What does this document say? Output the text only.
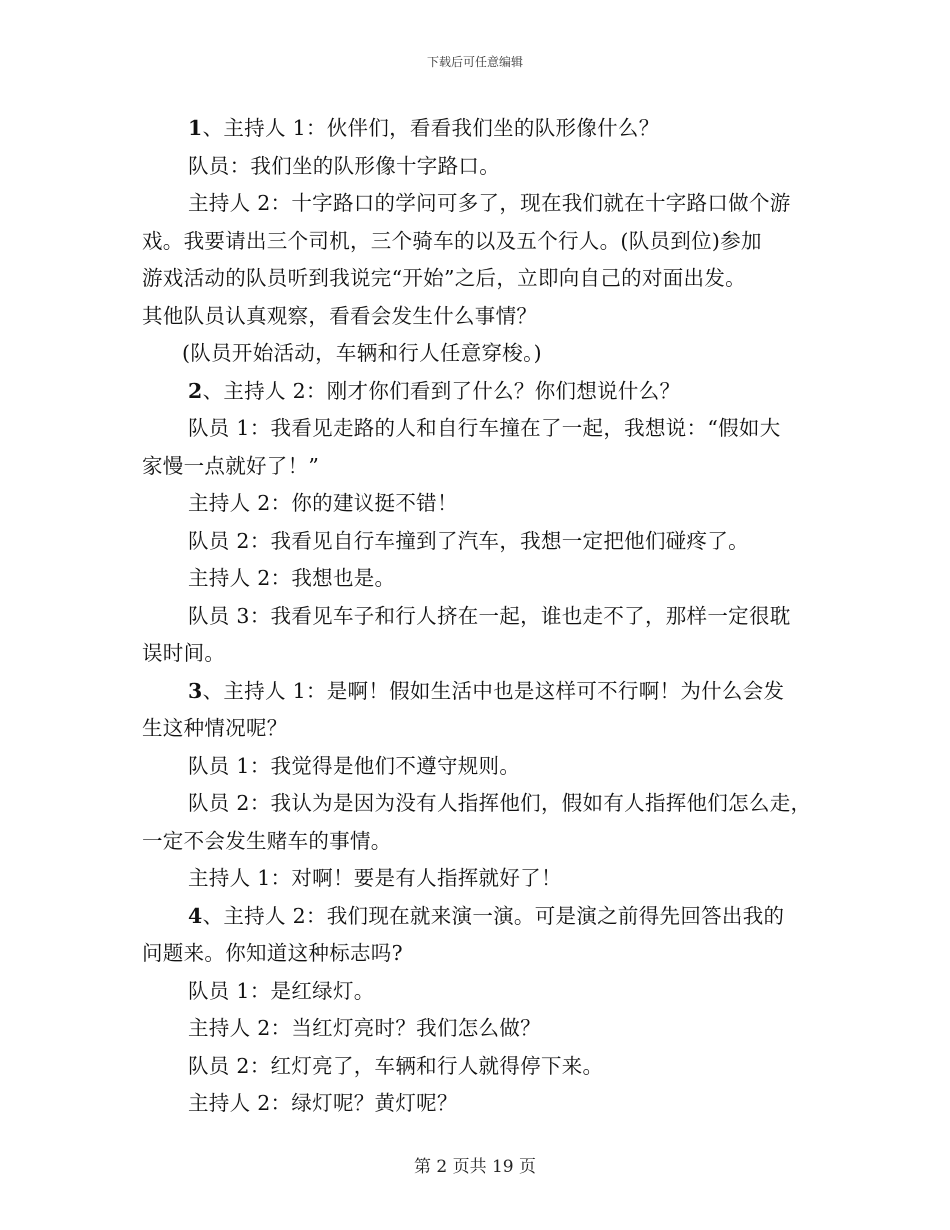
下载后可任意编辑
1、主持人 1：伙伴们，看看我们坐的队形像什么？
队员：我们坐的队形像十字路口。
主持人 2：十字路口的学问可多了，现在我们就在十字路口做个游
戏。我要请出三个司机，三个骑车的以及五个行人。(队员到位)参加
游戏活动的队员听到我说完“开始”之后，立即向自己的对面出发。
其他队员认真观察，看看会发生什么事情？
(队员开始活动，车辆和行人任意穿梭。)
2、主持人 2：刚才你们看到了什么？你们想说什么？
队员 1：我看见走路的人和自行车撞在了一起，我想说：“假如大
家慢一点就好了！”
主持人 2：你的建议挺不错！
队员 2：我看见自行车撞到了汽车，我想一定把他们碰疼了。
主持人 2：我想也是。
队员 3：我看见车子和行人挤在一起，谁也走不了，那样一定很耽
误时间。
3、主持人 1：是啊！假如生活中也是这样可不行啊！为什么会发
生这种情况呢？
队员 1：我觉得是他们不遵守规则。
队员 2：我认为是因为没有人指挥他们，假如有人指挥他们怎么走，
一定不会发生赌车的事情。
主持人 1：对啊！要是有人指挥就好了！
4、主持人 2：我们现在就来演一演。可是演之前得先回答出我的
问题来。你知道这种标志吗?
队员 1：是红绿灯。
主持人 2：当红灯亮时？我们怎么做？
队员 2：红灯亮了，车辆和行人就得停下来。
主持人 2：绿灯呢？黄灯呢？
第 2 页共 19 页
